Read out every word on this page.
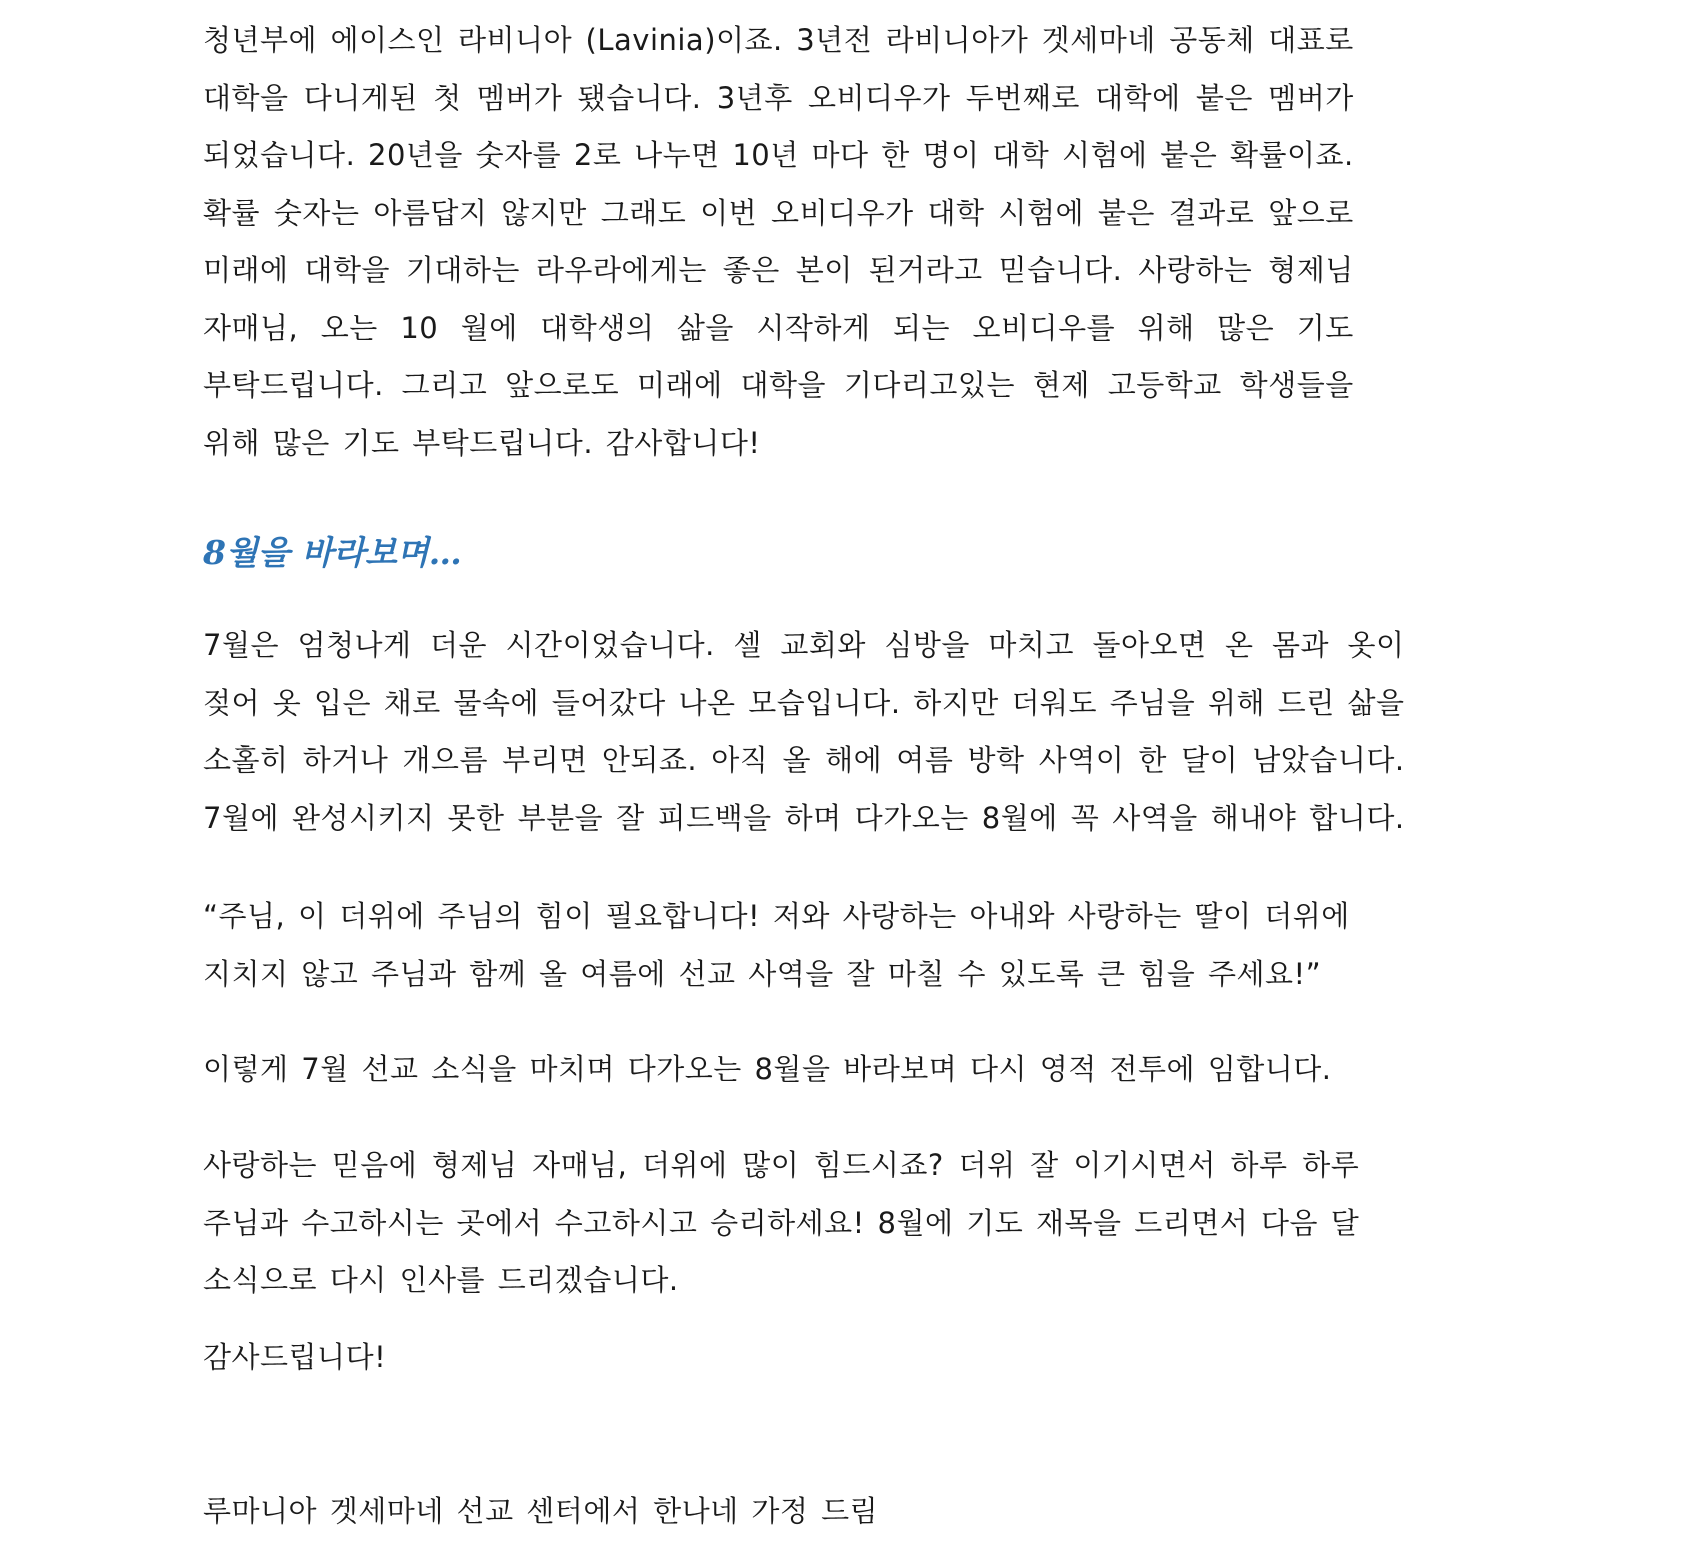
청년부에 에이스인 라비니아 (Lavinia)이죠. 3년전 라비니아가 겟세마네 공동체 대표로
대학을 다니게된 첫 멤버가 됐습니다. 3년후 오비디우가 두번째로 대학에 붙은 멤버가
되었습니다. 20년을 숫자를 2로 나누면 10년 마다 한 명이 대학 시험에 붙은 확률이죠.
확률 숫자는 아름답지 않지만 그래도 이번 오비디우가 대학 시험에 붙은 결과로 앞으로
미래에 대학을 기대하는 라우라에게는 좋은 본이 된거라고 믿습니다. 사랑하는 형제님
자매님, 오는 10 월에 대학생의 삶을 시작하게 되는 오비디우를 위해 많은 기도
부탁드립니다. 그리고 앞으로도 미래에 대학을 기다리고있는 현제 고등학교 학생들을
위해 많은 기도 부탁드립니다. 감사합니다!

8월을 바라보며…

7월은 엄청나게 더운 시간이었습니다. 셀 교회와 심방을 마치고 돌아오면 온 몸과 옷이
젖어 옷 입은 채로 물속에 들어갔다 나온 모습입니다. 하지만 더워도 주님을 위해 드린 삶을
소홀히 하거나 개으름 부리면 안되죠. 아직 올 해에 여름 방학 사역이 한 달이 남았습니다.
7월에 완성시키지 못한 부분을 잘 피드백을 하며 다가오는 8월에 꼭 사역을 해내야 합니다.

“주님, 이 더위에 주님의 힘이 필요합니다! 저와 사랑하는 아내와 사랑하는 딸이 더위에
지치지 않고 주님과 함께 올 여름에 선교 사역을 잘 마칠 수 있도록 큰 힘을 주세요!”

이렇게 7월 선교 소식을 마치며 다가오는 8월을 바라보며 다시 영적 전투에 임합니다.

사랑하는 믿음에 형제님 자매님, 더위에 많이 힘드시죠? 더위 잘 이기시면서 하루 하루
주님과 수고하시는 곳에서 수고하시고 승리하세요! 8월에 기도 재목을 드리면서 다음 달
소식으로 다시 인사를 드리겠습니다.

감사드립니다!

루마니아 겟세마네 선교 센터에서 한나네 가정 드림
